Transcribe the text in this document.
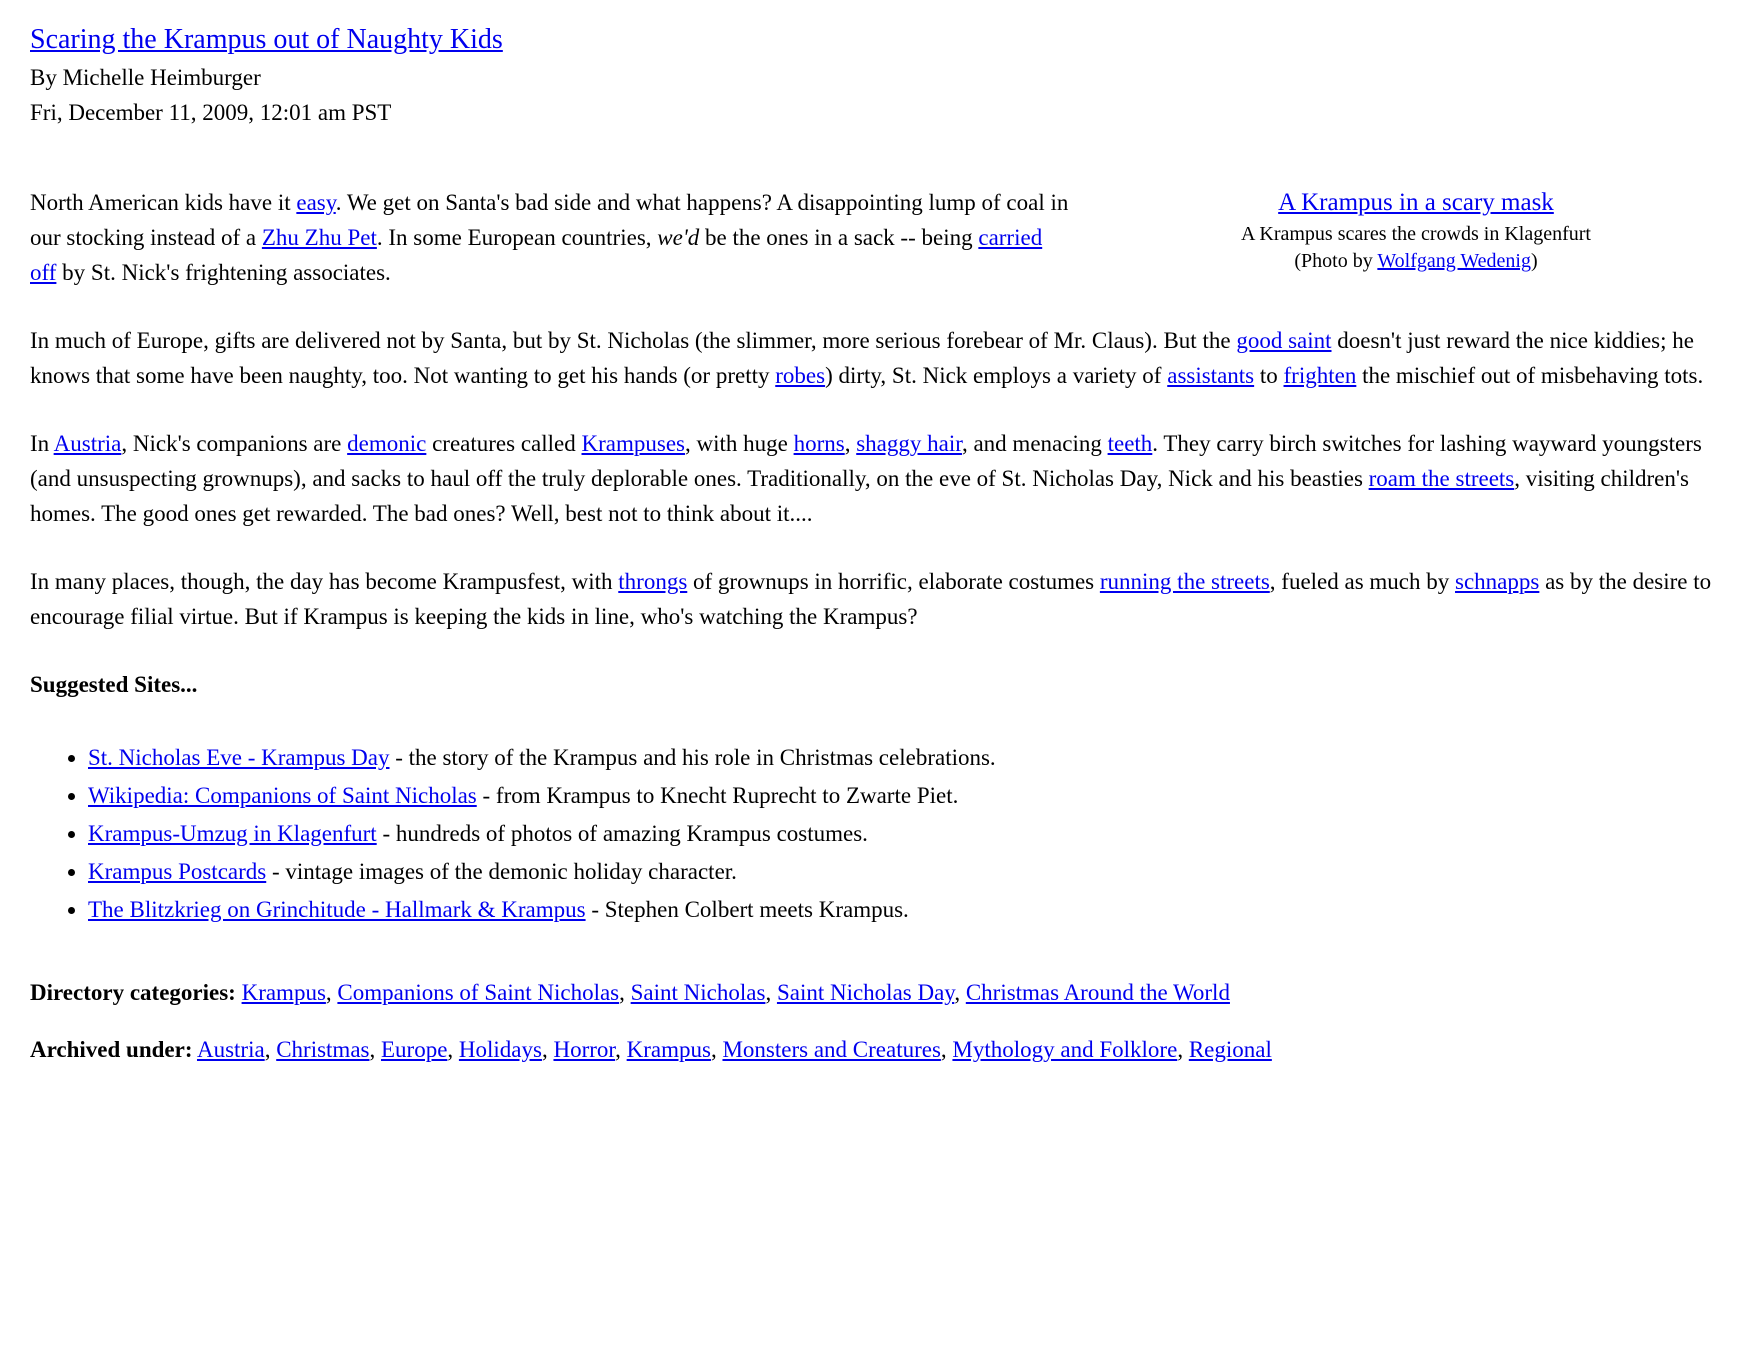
Scaring the Krampus out of Naughty Kids
By Michelle Heimburger
Fri, December 11, 2009, 12:01 am PST
A Krampus in a scary mask
A Krampus scares the crowds in Klagenfurt
(Photo by Wolfgang Wedenig)

North American kids have it easy. We get on Santa's bad side and what happens? A disappointing lump of coal in our stocking instead of a Zhu Zhu Pet. In some European countries, we'd be the ones in a sack -- being carried off by St. Nick's frightening associates.

In much of Europe, gifts are delivered not by Santa, but by St. Nicholas (the slimmer, more serious forebear of Mr. Claus). But the good saint doesn't just reward the nice kiddies; he knows that some have been naughty, too. Not wanting to get his hands (or pretty robes) dirty, St. Nick employs a variety of assistants to frighten the mischief out of misbehaving tots.

In Austria, Nick's companions are demonic creatures called Krampuses, with huge horns, shaggy hair, and menacing teeth. They carry birch switches for lashing wayward youngsters (and unsuspecting grownups), and sacks to haul off the truly deplorable ones. Traditionally, on the eve of St. Nicholas Day, Nick and his beasties roam the streets, visiting children's homes. The good ones get rewarded. The bad ones? Well, best not to think about it....

In many places, though, the day has become Krampusfest, with throngs of grownups in horrific, elaborate costumes running the streets, fueled as much by schnapps as by the desire to encourage filial virtue. But if Krampus is keeping the kids in line, who's watching the Krampus?

Suggested Sites...

• St. Nicholas Eve - Krampus Day - the story of the Krampus and his role in Christmas celebrations.
• Wikipedia: Companions of Saint Nicholas - from Krampus to Knecht Ruprecht to Zwarte Piet.
• Krampus-Umzug in Klagenfurt - hundreds of photos of amazing Krampus costumes.
• Krampus Postcards - vintage images of the demonic holiday character.
• The Blitzkrieg on Grinchitude - Hallmark & Krampus - Stephen Colbert meets Krampus.

Directory categories: Krampus, Companions of Saint Nicholas, Saint Nicholas, Saint Nicholas Day, Christmas Around the World

Archived under: Austria, Christmas, Europe, Holidays, Horror, Krampus, Monsters and Creatures, Mythology and Folklore, Regional
